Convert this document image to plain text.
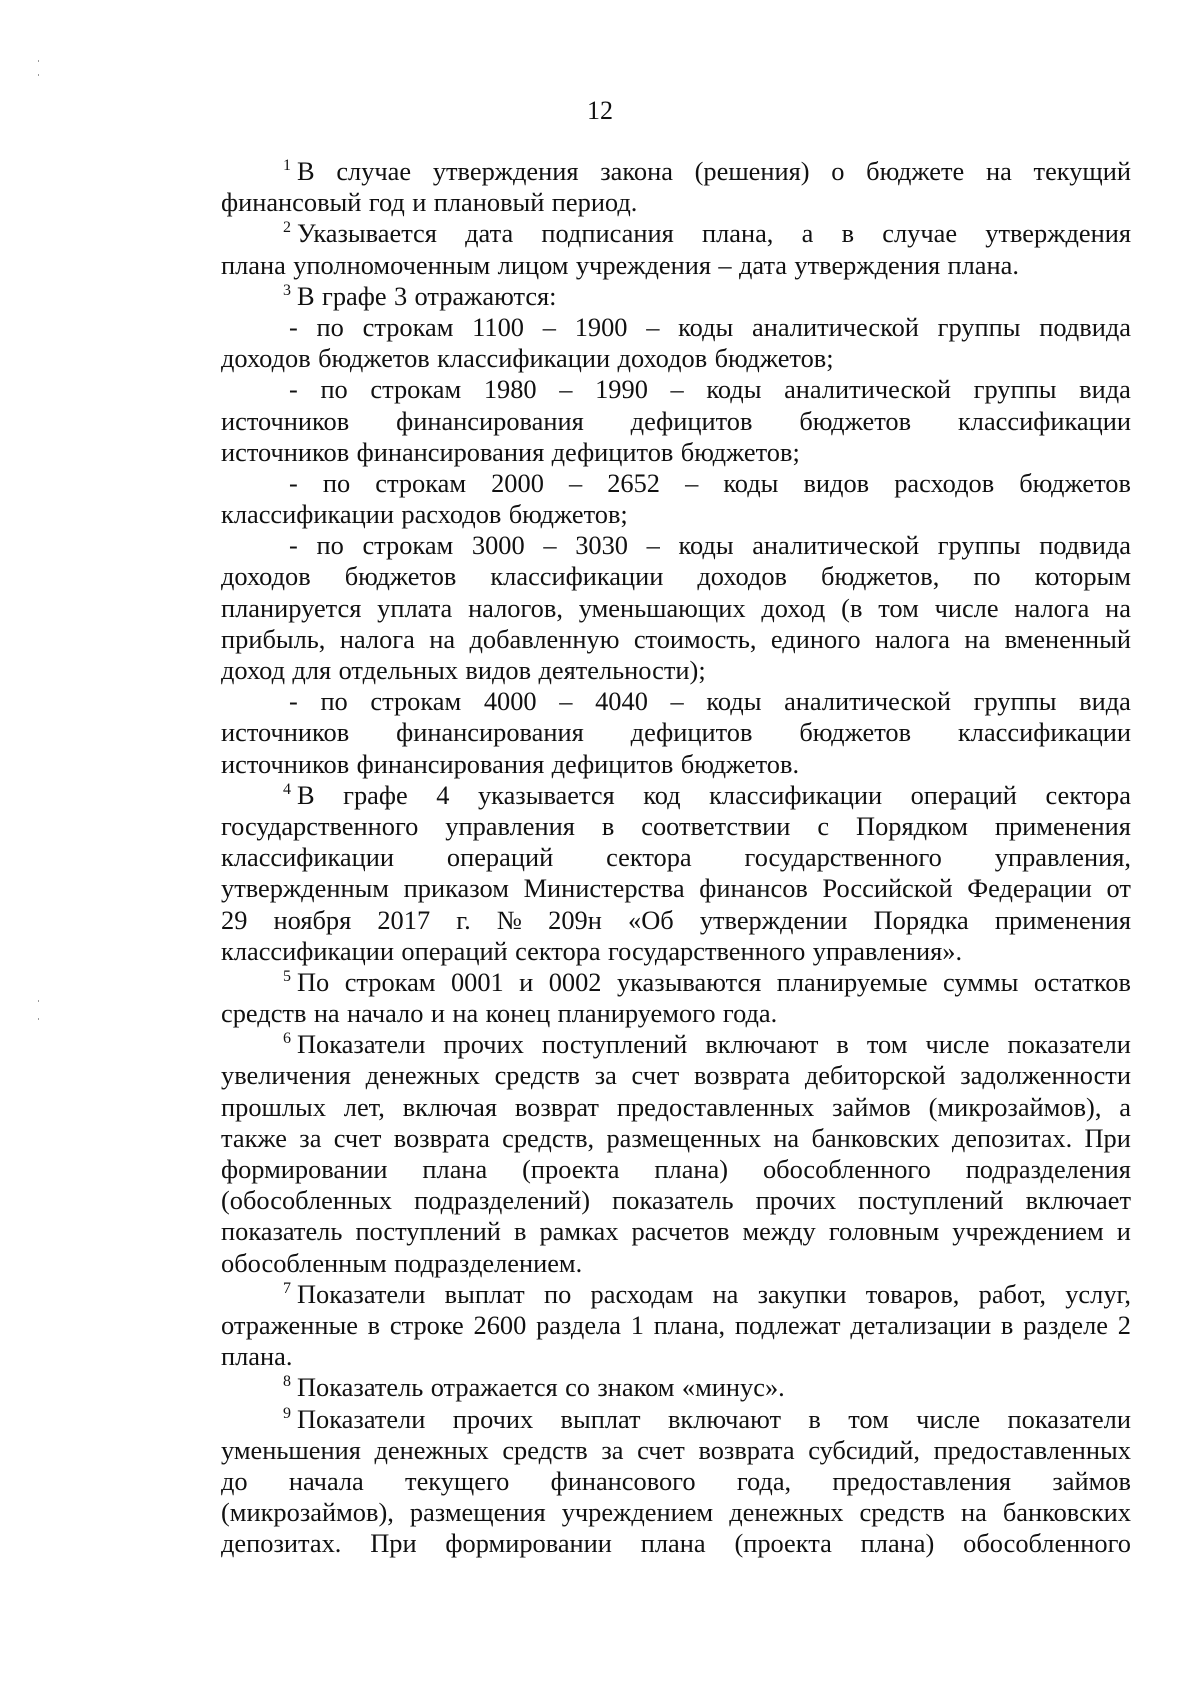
12
$^1$ В случае утверждения закона (решения) о бюджете на текущий
финансовый год и плановый период.
$^2$ Указывается дата подписания плана, а в случае утверждения
плана уполномоченным лицом учреждения – дата утверждения плана.
$^3$ В графе 3 отражаются:
- по строкам 1100 – 1900 – коды аналитической группы подвида
доходов бюджетов классификации доходов бюджетов;
- по строкам 1980 – 1990 – коды аналитической группы вида
источников финансирования дефицитов бюджетов классификации
источников финансирования дефицитов бюджетов;
- по строкам 2000 – 2652 – коды видов расходов бюджетов
классификации расходов бюджетов;
- по строкам 3000 – 3030 – коды аналитической группы подвида
доходов бюджетов классификации доходов бюджетов, по которым
планируется уплата налогов, уменьшающих доход (в том числе налога на
прибыль, налога на добавленную стоимость, единого налога на вмененный
доход для отдельных видов деятельности);
- по строкам 4000 – 4040 – коды аналитической группы вида
источников финансирования дефицитов бюджетов классификации
источников финансирования дефицитов бюджетов.
$^4$ В графе 4 указывается код классификации операций сектора
государственного управления в соответствии с Порядком применения
классификации операций сектора государственного управления,
утвержденным приказом Министерства финансов Российской Федерации от
29 ноября 2017 г. № 209н «Об утверждении Порядка применения
классификации операций сектора государственного управления».
$^5$ По строкам 0001 и 0002 указываются планируемые суммы остатков
средств на начало и на конец планируемого года.
$^6$ Показатели прочих поступлений включают в том числе показатели
увеличения денежных средств за счет возврата дебиторской задолженности
прошлых лет, включая возврат предоставленных займов (микрозаймов), а
также за счет возврата средств, размещенных на банковских депозитах. При
формировании плана (проекта плана) обособленного подразделения
(обособленных подразделений) показатель прочих поступлений включает
показатель поступлений в рамках расчетов между головным учреждением и
обособленным подразделением.
$^7$ Показатели выплат по расходам на закупки товаров, работ, услуг,
отраженные в строке 2600 раздела 1 плана, подлежат детализации в разделе 2
плана.
$^8$ Показатель отражается со знаком «минус».
$^9$ Показатели прочих выплат включают в том числе показатели
уменьшения денежных средств за счет возврата субсидий, предоставленных
до начала текущего финансового года, предоставления займов
(микрозаймов), размещения учреждением денежных средств на банковских
депозитах. При формировании плана (проекта плана) обособленного
